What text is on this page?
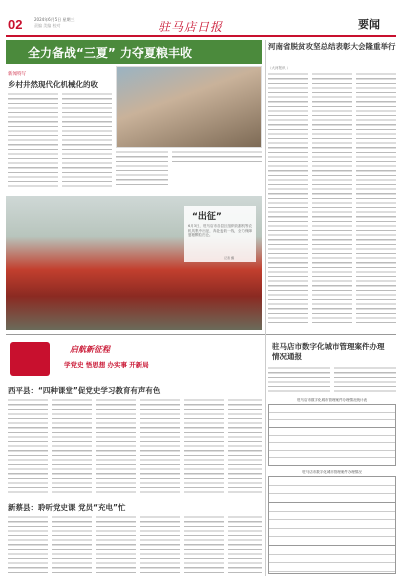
02	2024年6月5日 星期三
责编 美编 校对	驻马店日报	要闻
全力备战“三夏” 力夺夏粮丰收
新闻特写
乡村井然现代化机械化的收
“出征”
6月3日，驻马店市各县区组织收割机等农机具集中出征，奔赴麦收一线，全力保障夏粮颗粒归仓。
记者 摄
河南省脱贫攻坚总结表彰大会隆重举行
（大河报讯 ）
启航新征程
学党史 悟思想 办实事 开新局
西平县：“四种课堂”促党史学习教育有声有色
新蔡县：聆听党史课 党员“充电”忙
驻马店市数字化城市管理案件办理情况通报
驻马店市数字化城市管理案件办理情况统计表
驻马店市数字化城市管理案件办理情况
